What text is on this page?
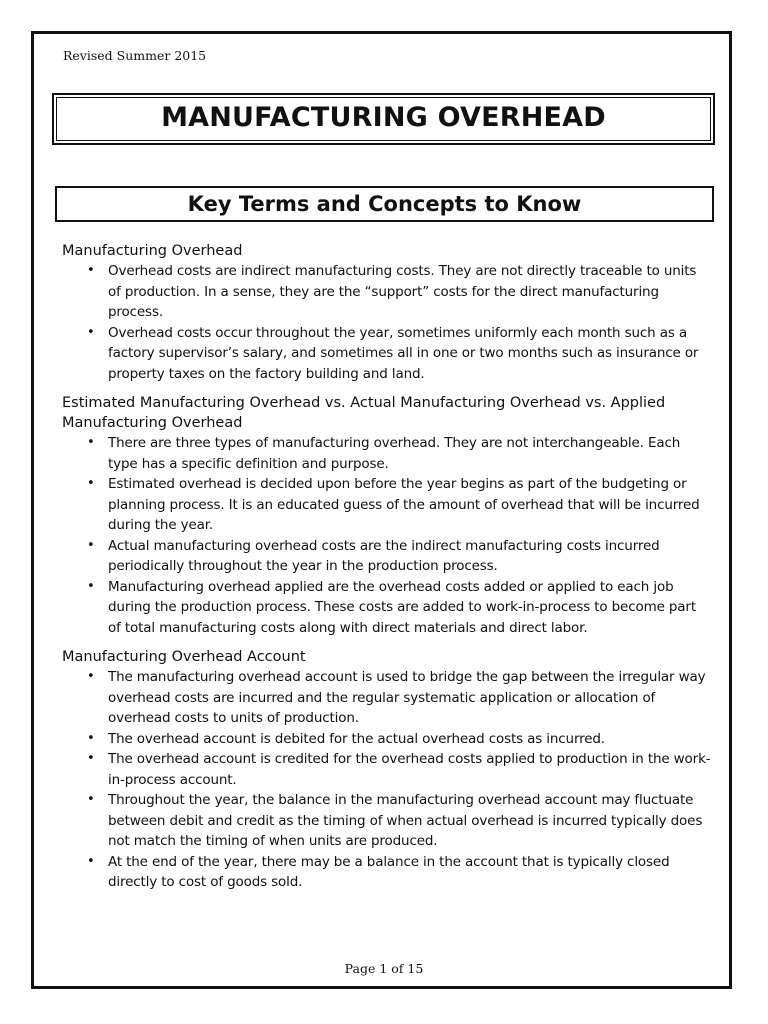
Revised Summer 2015

MANUFACTURING OVERHEAD
Key Terms and Concepts to Know
Manufacturing Overhead
• Overhead costs are indirect manufacturing costs. They are not directly traceable to units of production. In a sense, they are the “support” costs for the direct manufacturing process.
• Overhead costs occur throughout the year, sometimes uniformly each month such as a factory supervisor’s salary, and sometimes all in one or two months such as insurance or property taxes on the factory building and land.
Estimated Manufacturing Overhead vs. Actual Manufacturing Overhead vs. Applied Manufacturing Overhead
• There are three types of manufacturing overhead. They are not interchangeable. Each type has a specific definition and purpose.
• Estimated overhead is decided upon before the year begins as part of the budgeting or planning process. It is an educated guess of the amount of overhead that will be incurred during the year.
• Actual manufacturing overhead costs are the indirect manufacturing costs incurred periodically throughout the year in the production process.
• Manufacturing overhead applied are the overhead costs added or applied to each job during the production process. These costs are added to work-in-process to become part of total manufacturing costs along with direct materials and direct labor.
Manufacturing Overhead Account
• The manufacturing overhead account is used to bridge the gap between the irregular way overhead costs are incurred and the regular systematic application or allocation of overhead costs to units of production.
• The overhead account is debited for the actual overhead costs as incurred.
• The overhead account is credited for the overhead costs applied to production in the work-in-process account.
• Throughout the year, the balance in the manufacturing overhead account may fluctuate between debit and credit as the timing of when actual overhead is incurred typically does not match the timing of when units are produced.
• At the end of the year, there may be a balance in the account that is typically closed directly to cost of goods sold.

Page 1 of 15
